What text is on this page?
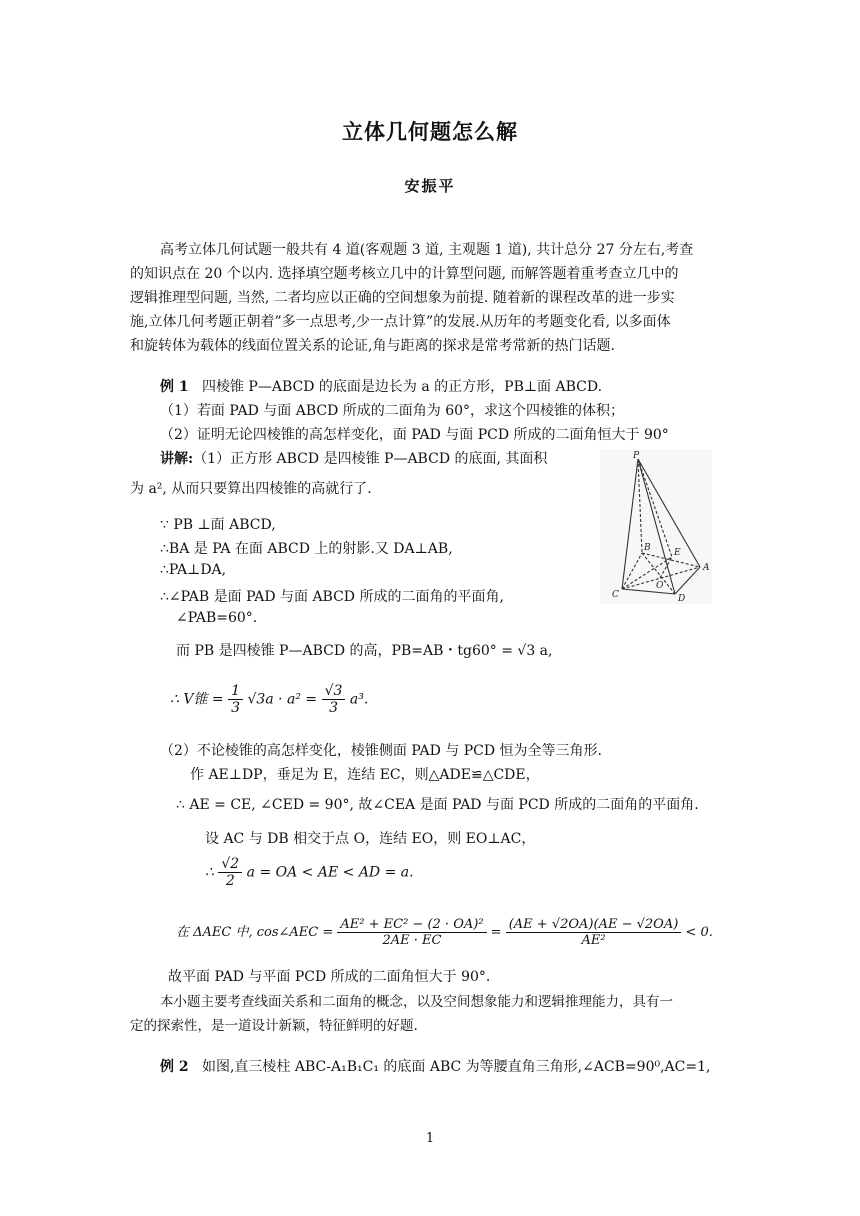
立体几何题怎么解
安振平
高考立体几何试题一般共有 4 道(客观题 3 道, 主观题 1 道), 共计总分 27 分左右,考查
的知识点在 20 个以内. 选择填空题考核立几中的计算型问题, 而解答题着重考查立几中的
逻辑推理型问题, 当然, 二者均应以正确的空间想象为前提. 随着新的课程改革的进一步实
施,立体几何考题正朝着”多一点思考,少一点计算”的发展.从历年的考题变化看, 以多面体
和旋转体为载体的线面位置关系的论证,角与距离的探求是常考常新的热门话题.
例 1 四棱锥 P—ABCD 的底面是边长为 a 的正方形，PB⊥面 ABCD.
（1）若面 PAD 与面 ABCD 所成的二面角为 60°，求这个四棱锥的体积；
（2）证明无论四棱锥的高怎样变化，面 PAD 与面 PCD 所成的二面角恒大于 90°
讲解:（1）正方形 ABCD 是四棱锥 P—ABCD 的底面, 其面积
为 a², 从而只要算出四棱锥的高就行了.
∵ PB ⊥面 ABCD,
∴BA 是 PA 在面 ABCD 上的射影.又 DA⊥AB,
∴PA⊥DA,
∴∠PAB 是面 PAD 与面 ABCD 所成的二面角的平面角,
∠PAB=60°.
而 PB 是四棱锥 P—ABCD 的高，PB=AB・tg60° = √3 a,
∴ V锥 = $\frac{1}{3} √3a \cdot a^2 = \frac{√3}{3} a^3$.
（2）不论棱锥的高怎样变化，棱锥侧面 PAD 与 PCD 恒为全等三角形.
作 AE⊥DP，垂足为 E，连结 EC，则△ADE≌△CDE，
∴ AE = CE, ∠CED = 90°, 故∠CEA 是面 PAD 与面 PCD 所成的二面角的平面角.
设 AC 与 DB 相交于点 O，连结 EO，则 EO⊥AC，
∴ $\frac{√2}{2}$ a = OA < AE < AD = a.
在 ΔAEC 中, cos∠AEC = $\frac{\text{AE² + EC² − (2 · OA)²}}{2AE \cdot EC} = \frac{(AE + √2OA)(AE - √2OA)}{\text{AE²}} < 0$.
故平面 PAD 与平面 PCD 所成的二面角恒大于 90°.
本小题主要考查线面关系和二面角的概念，以及空间想象能力和逻辑推理能力，具有一
定的探索性，是一道设计新颖，特征鲜明的好题.
例 2 如图,直三棱柱 ABC-A₁B₁C₁ 的底面 ABC 为等腰直角三角形,∠ACB=90⁰,AC=1,
P
B	E
A
C
O
D
1
